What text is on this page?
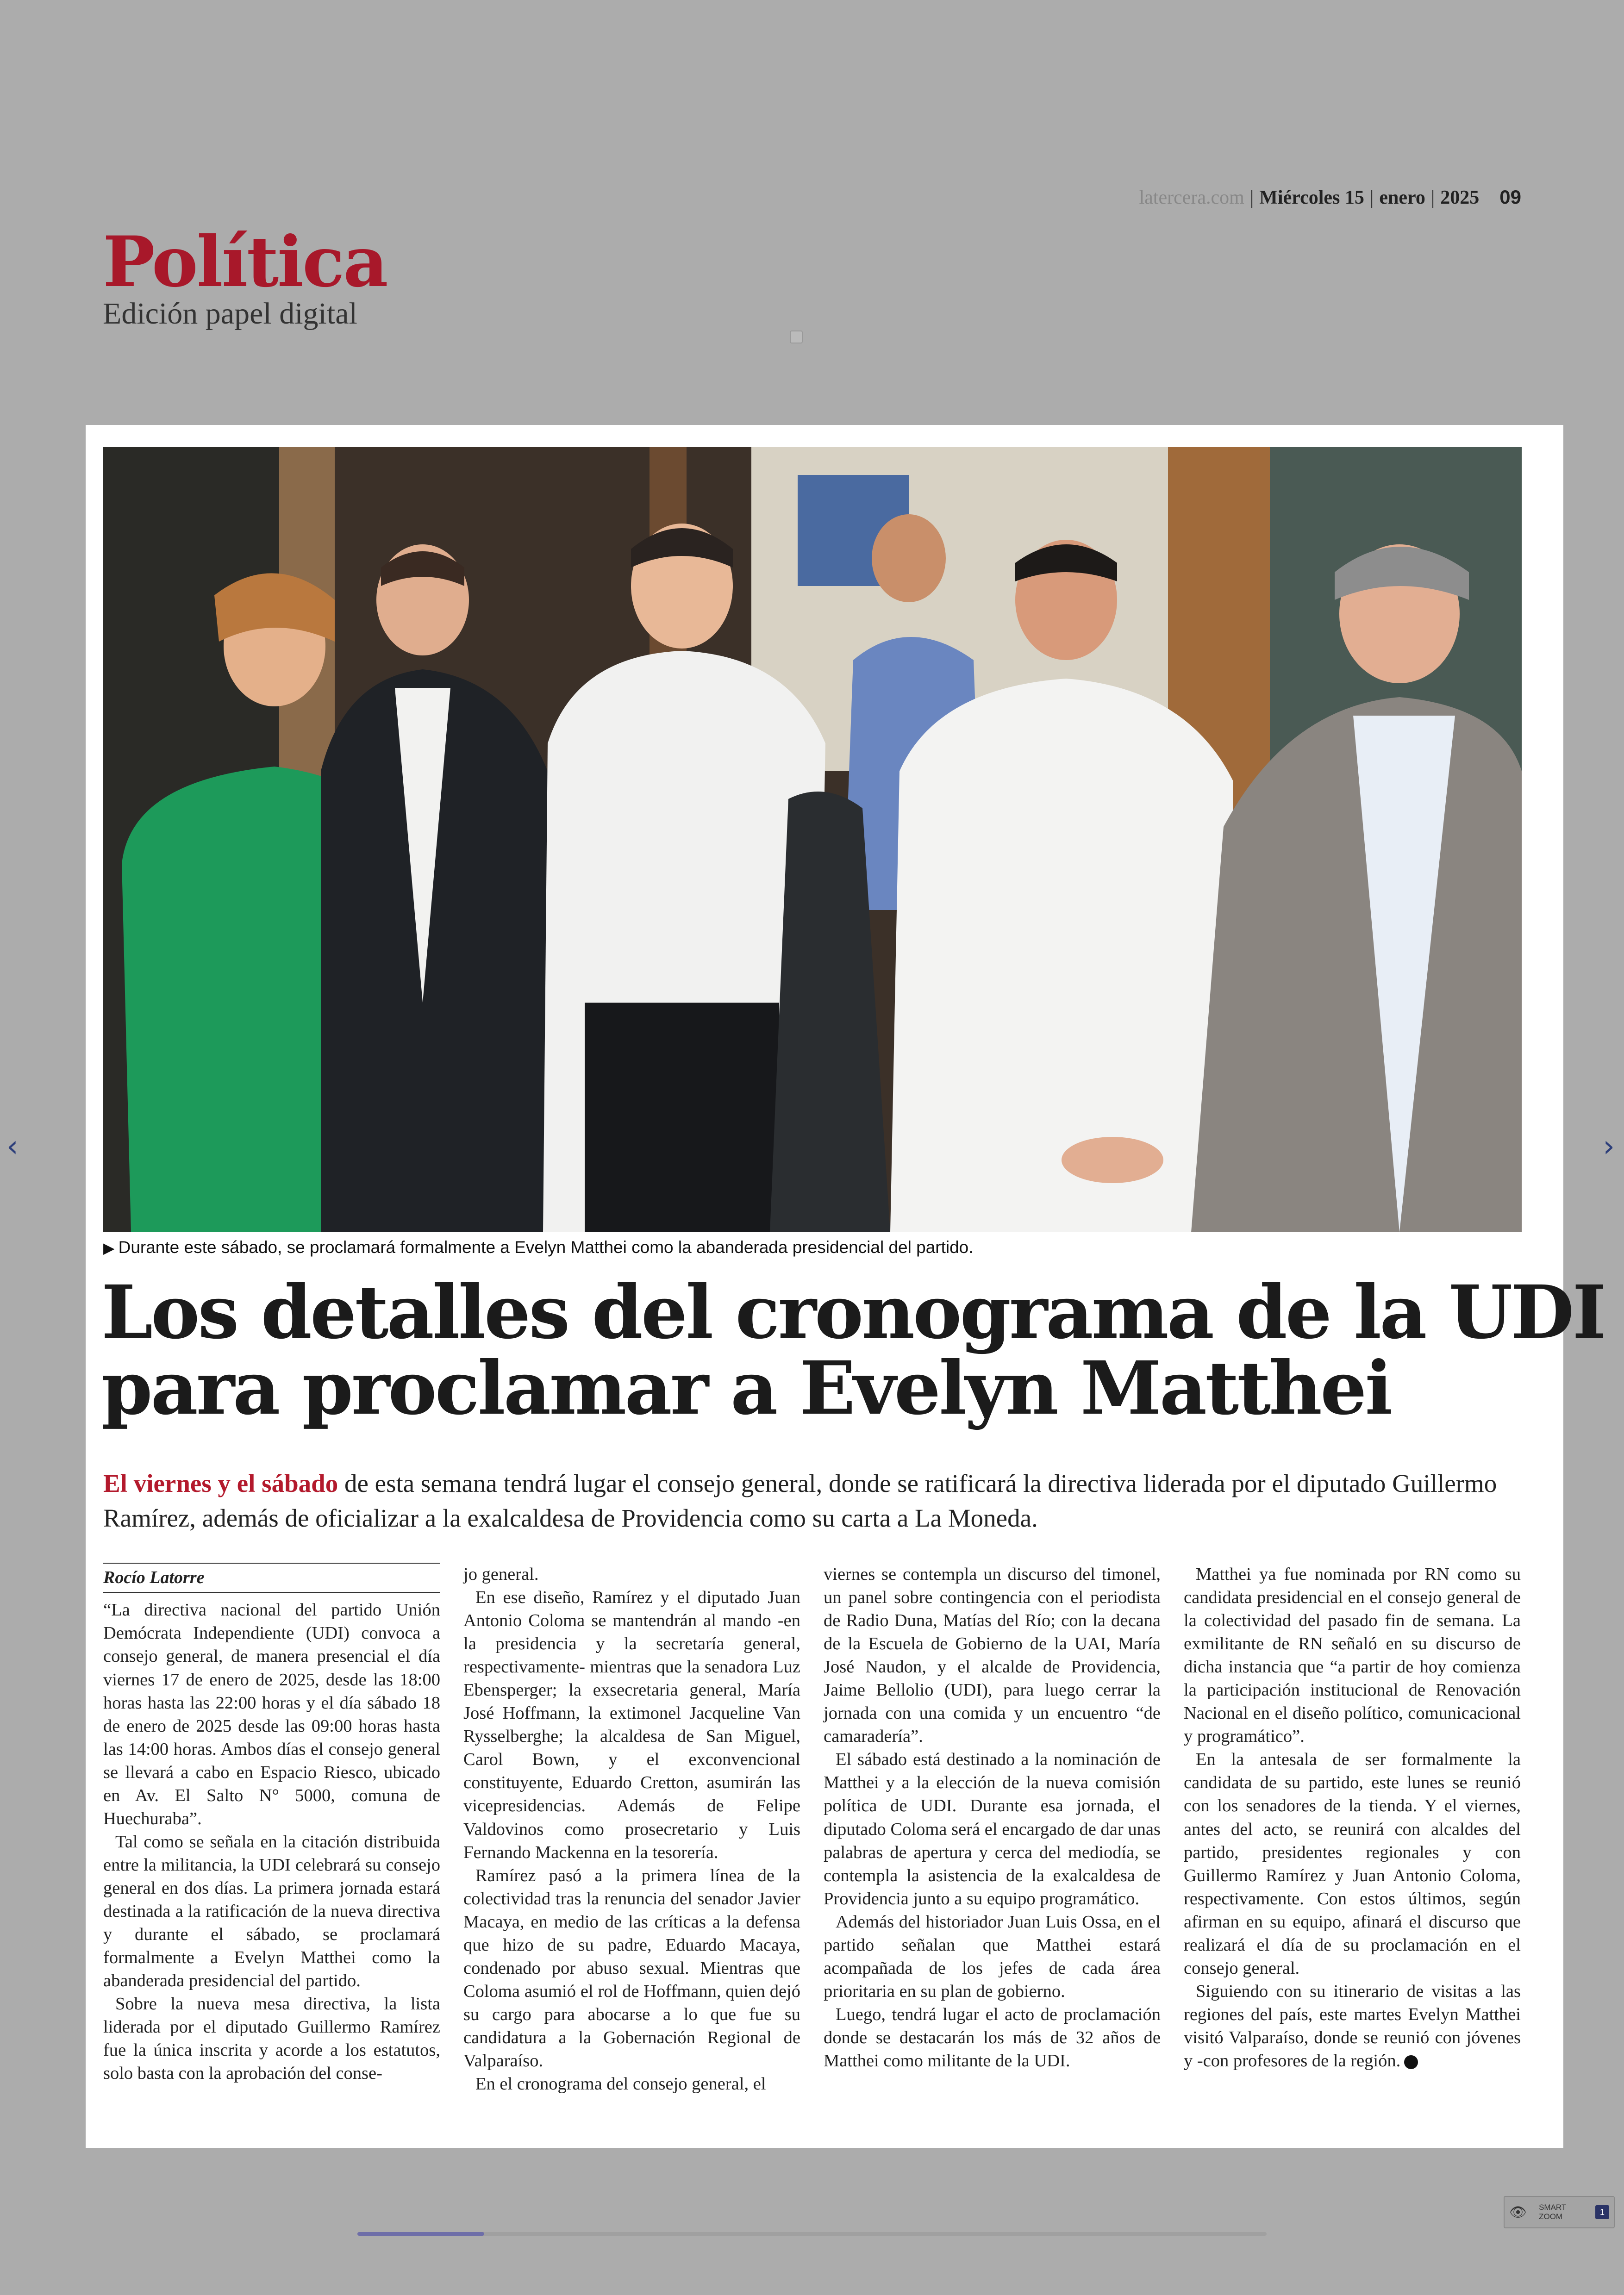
latercera.com | Miércoles 15 | enero | 2025 09
Política
Edición papel digital
‹	›
▶ Durante este sábado, se proclamará formalmente a Evelyn Matthei como la abanderada presidencial del partido.
Los detalles del cronograma de la UDI
para proclamar a Evelyn Matthei
El viernes y el sábado de esta semana tendrá lugar el consejo general, donde se ratificará la directiva liderada por el diputado Guillermo Ramírez, además de oficializar a la exalcaldesa de Providencia como su carta a La Moneda.
Rocío Latorre

“La directiva nacional del partido Unión Demócrata Independiente (UDI) convoca a consejo general, de manera presencial el día viernes 17 de enero de 2025, desde las 18:00 horas hasta las 22:00 horas y el día sábado 18 de enero de 2025 desde las 09:00 horas hasta las 14:00 horas. Ambos días el consejo general se llevará a cabo en Espacio Riesco, ubicado en Av. El Salto N° 5000, comuna de Huechuraba”.

Tal como se señala en la citación distribuida entre la militancia, la UDI celebrará su consejo general en dos días. La primera jornada estará destinada a la ratificación de la nueva directiva y durante el sábado, se proclamará formalmente a Evelyn Matthei como la abanderada presidencial del partido.

Sobre la nueva mesa directiva, la lista liderada por el diputado Guillermo Ramírez fue la única inscrita y acorde a los estatutos, solo basta con la aprobación del conse-

jo general.

En ese diseño, Ramírez y el diputado Juan Antonio Coloma se mantendrán al mando -en la presidencia y la secretaría general, respectivamente- mientras que la senadora Luz Ebensperger; la exsecretaria general, María José Hoffmann, la extimonel Jacqueline Van Rysselberghe; la alcaldesa de San Miguel, Carol Bown, y el exconvencional constituyente, Eduardo Cretton, asumirán las vicepresidencias. Además de Felipe Valdovinos como prosecretario y Luis Fernando Mackenna en la tesorería.

Ramírez pasó a la primera línea de la colectividad tras la renuncia del senador Javier Macaya, en medio de las críticas a la defensa que hizo de su padre, Eduardo Macaya, condenado por abuso sexual. Mientras que Coloma asumió el rol de Hoffmann, quien dejó su cargo para abocarse a lo que fue su candidatura a la Gobernación Regional de Valparaíso.

En el cronograma del consejo general, el

viernes se contempla un discurso del timonel, un panel sobre contingencia con el periodista de Radio Duna, Matías del Río; con la decana de la Escuela de Gobierno de la UAI, María José Naudon, y el alcalde de Providencia, Jaime Bellolio (UDI), para luego cerrar la jornada con una comida y un encuentro “de camaradería”.

El sábado está destinado a la nominación de Matthei y a la elección de la nueva comisión política de UDI. Durante esa jornada, el diputado Coloma será el encargado de dar unas palabras de apertura y cerca del mediodía, se contempla la asistencia de la exalcaldesa de Providencia junto a su equipo programático.

Además del historiador Juan Luis Ossa, en el partido señalan que Matthei estará acompañada de los jefes de cada área prioritaria en su plan de gobierno.

Luego, tendrá lugar el acto de proclamación donde se destacarán los más de 32 años de Matthei como militante de la UDI.

Matthei ya fue nominada por RN como su candidata presidencial en el consejo general de la colectividad del pasado fin de semana. La exmilitante de RN señaló en su discurso de dicha instancia que “a partir de hoy comienza la participación institucional de Renovación Nacional en el diseño político, comunicacional y programático”.

En la antesala de ser formalmente la candidata de su partido, este lunes se reunió con los senadores de la tienda. Y el viernes, antes del acto, se reunirá con alcaldes del partido, presidentes regionales y con Guillermo Ramírez y Juan Antonio Coloma, respectivamente. Con estos últimos, según afirman en su equipo, afinará el discurso que realizará el día de su proclamación en el consejo general.

Siguiendo con su itinerario de visitas a las regiones del país, este martes Evelyn Matthei visitó Valparaíso, donde se reunió con jóvenes y -con profesores de la región.

👁 SMART
ZOOM	1
